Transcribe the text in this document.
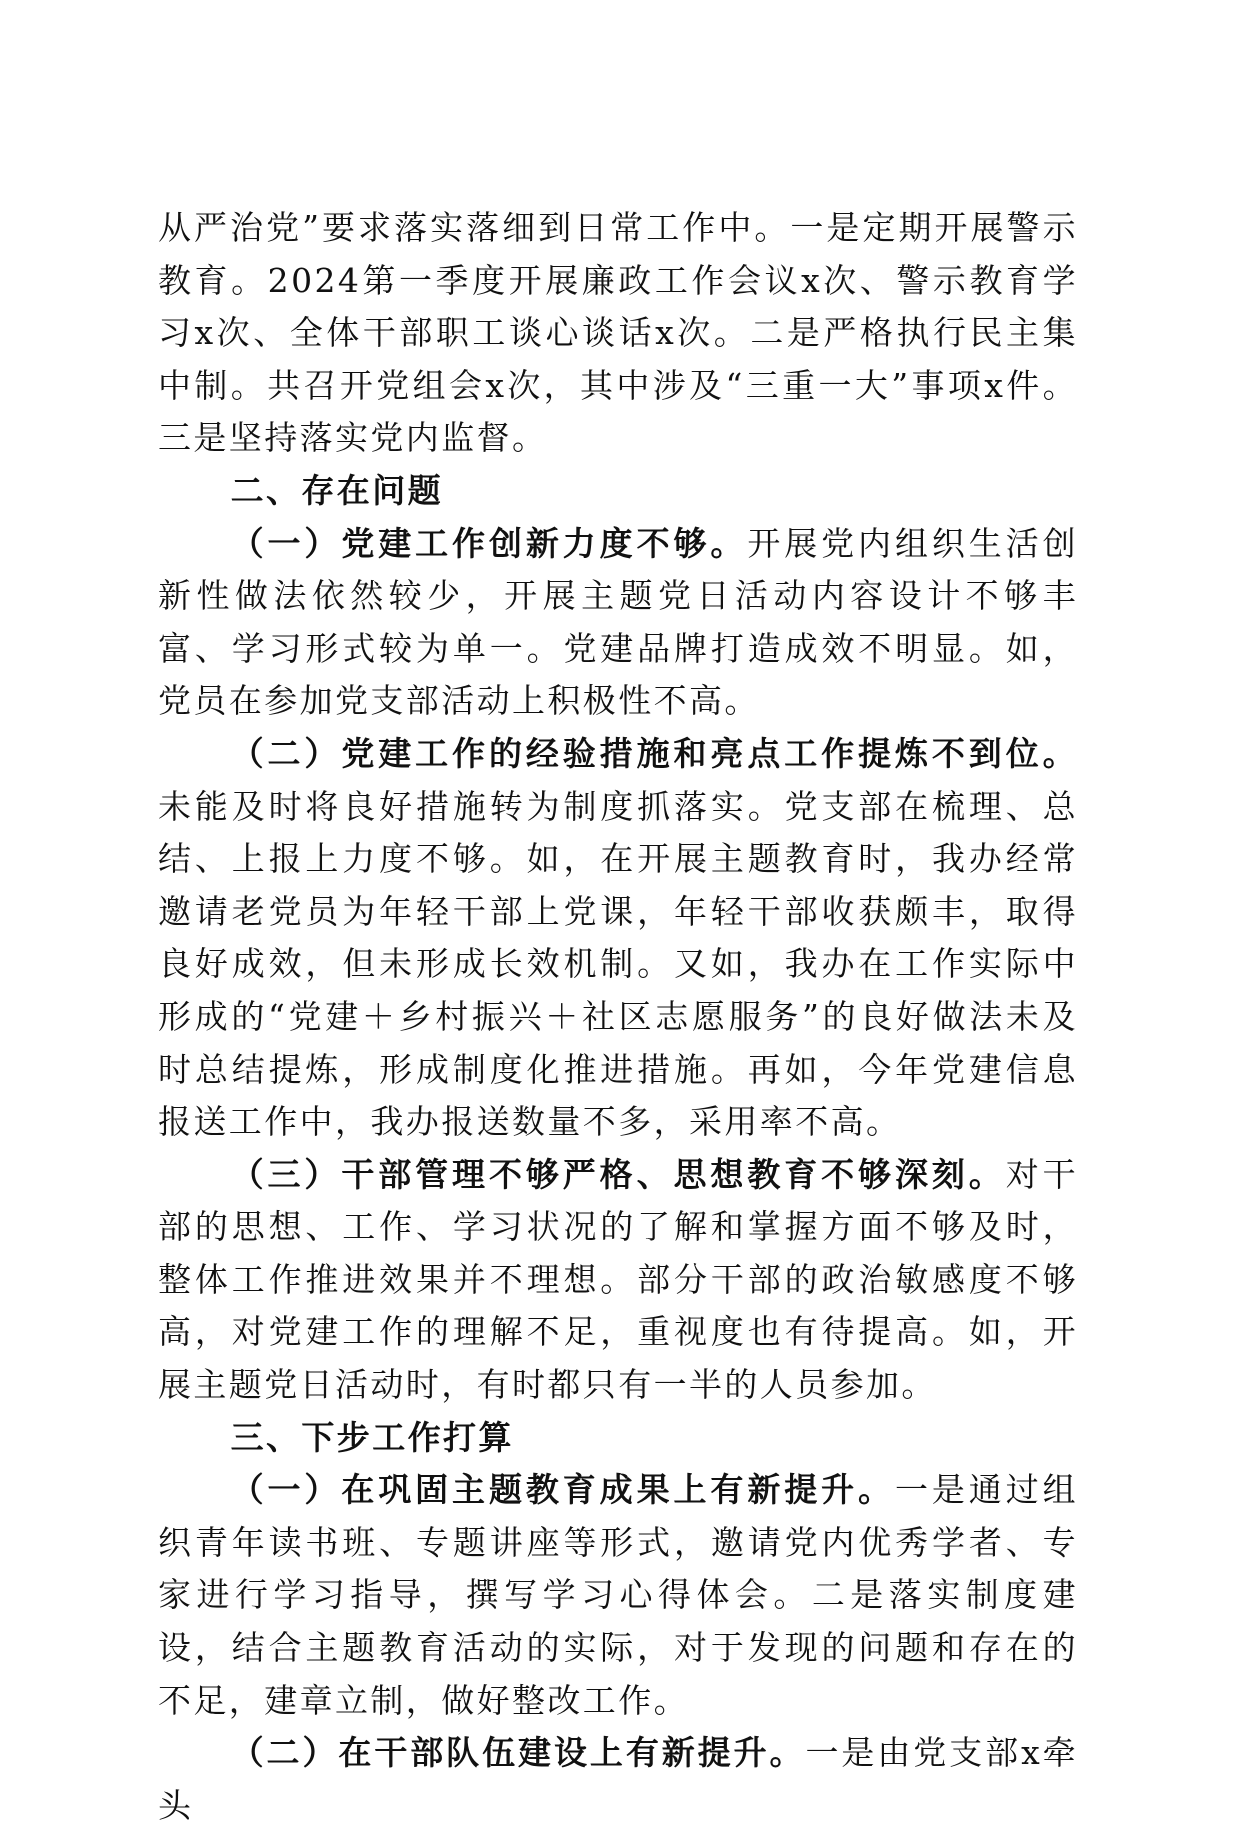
从严治党”要求落实落细到日常工作中。一是定期开展警示教育。2024第一季度开展廉政工作会议x次、警示教育学习x次、全体干部职工谈心谈话x次。二是严格执行民主集中制。共召开党组会x次，其中涉及“三重一大”事项x件。三是坚持落实党内监督。

二、存在问题

（一）党建工作创新力度不够。开展党内组织生活创新性做法依然较少，开展主题党日活动内容设计不够丰富、学习形式较为单一。党建品牌打造成效不明显。如，党员在参加党支部活动上积极性不高。

（二）党建工作的经验措施和亮点工作提炼不到位。未能及时将良好措施转为制度抓落实。党支部在梳理、总结、上报上力度不够。如，在开展主题教育时，我办经常邀请老党员为年轻干部上党课，年轻干部收获颇丰，取得良好成效，但未形成长效机制。又如，我办在工作实际中形成的“党建＋乡村振兴＋社区志愿服务”的良好做法未及时总结提炼，形成制度化推进措施。再如，今年党建信息报送工作中，我办报送数量不多，采用率不高。

（三）干部管理不够严格、思想教育不够深刻。对干部的思想、工作、学习状况的了解和掌握方面不够及时，整体工作推进效果并不理想。部分干部的政治敏感度不够高，对党建工作的理解不足，重视度也有待提高。如，开展主题党日活动时，有时都只有一半的人员参加。

三、下步工作打算

（一）在巩固主题教育成果上有新提升。一是通过组织青年读书班、专题讲座等形式，邀请党内优秀学者、专家进行学习指导，撰写学习心得体会。二是落实制度建设，结合主题教育活动的实际，对于发现的问题和存在的不足，建章立制，做好整改工作。

（二）在干部队伍建设上有新提升。一是由党支部x牵头
